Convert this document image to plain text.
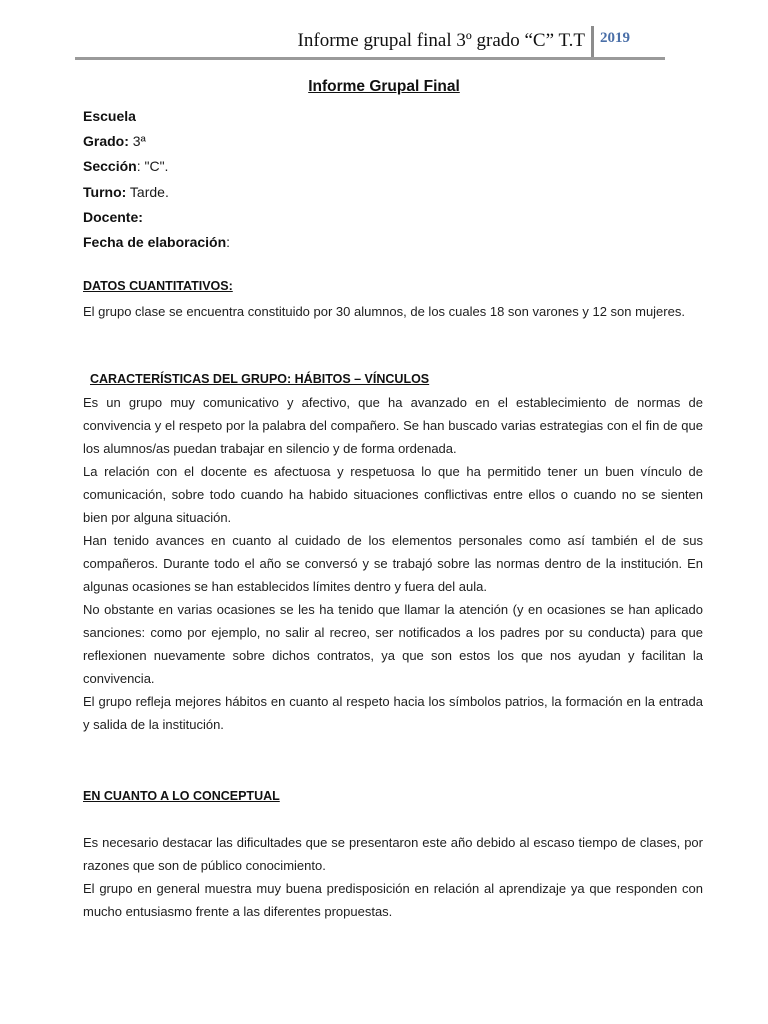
Informe grupal final 3º grado “C” T.T 2019
Informe Grupal Final
Escuela
Grado: 3ª
Sección: "C".
Turno: Tarde.
Docente:
Fecha de elaboración:
DATOS CUANTITATIVOS:

El grupo clase se encuentra constituido por 30 alumnos, de los cuales 18 son varones y 12 son mujeres.

CARACTERÍSTICAS DEL GRUPO: HÁBITOS – VÍNCULOS

Es un grupo muy comunicativo y afectivo, que ha avanzado en el establecimiento de normas de convivencia y el respeto por la palabra del compañero. Se han buscado varias estrategias con el fin de que los alumnos/as puedan trabajar en silencio y de forma ordenada.

La relación con el docente es afectuosa y respetuosa lo que ha permitido tener un buen vínculo de comunicación, sobre todo cuando ha habido situaciones conflictivas entre ellos o cuando no se sienten bien por alguna situación.

Han tenido avances en cuanto al cuidado de los elementos personales como así también el de sus compañeros. Durante todo el año se conversó y se trabajó sobre las normas dentro de la institución. En algunas ocasiones se han establecidos límites dentro y fuera del aula.

No obstante en varias ocasiones se les ha tenido que llamar la atención (y en ocasiones se han aplicado sanciones: como por ejemplo, no salir al recreo, ser notificados a los padres por su conducta) para que reflexionen nuevamente sobre dichos contratos, ya que son estos los que nos ayudan y facilitan la convivencia.

El grupo refleja mejores hábitos en cuanto al respeto hacia los símbolos patrios, la formación en la entrada y salida de la institución.

EN CUANTO A LO CONCEPTUAL

Es necesario destacar las dificultades que se presentaron este año debido al escaso tiempo de clases, por razones que son de público conocimiento.

El grupo en general muestra muy buena predisposición en relación al aprendizaje ya que responden con mucho entusiasmo frente a las diferentes propuestas.
